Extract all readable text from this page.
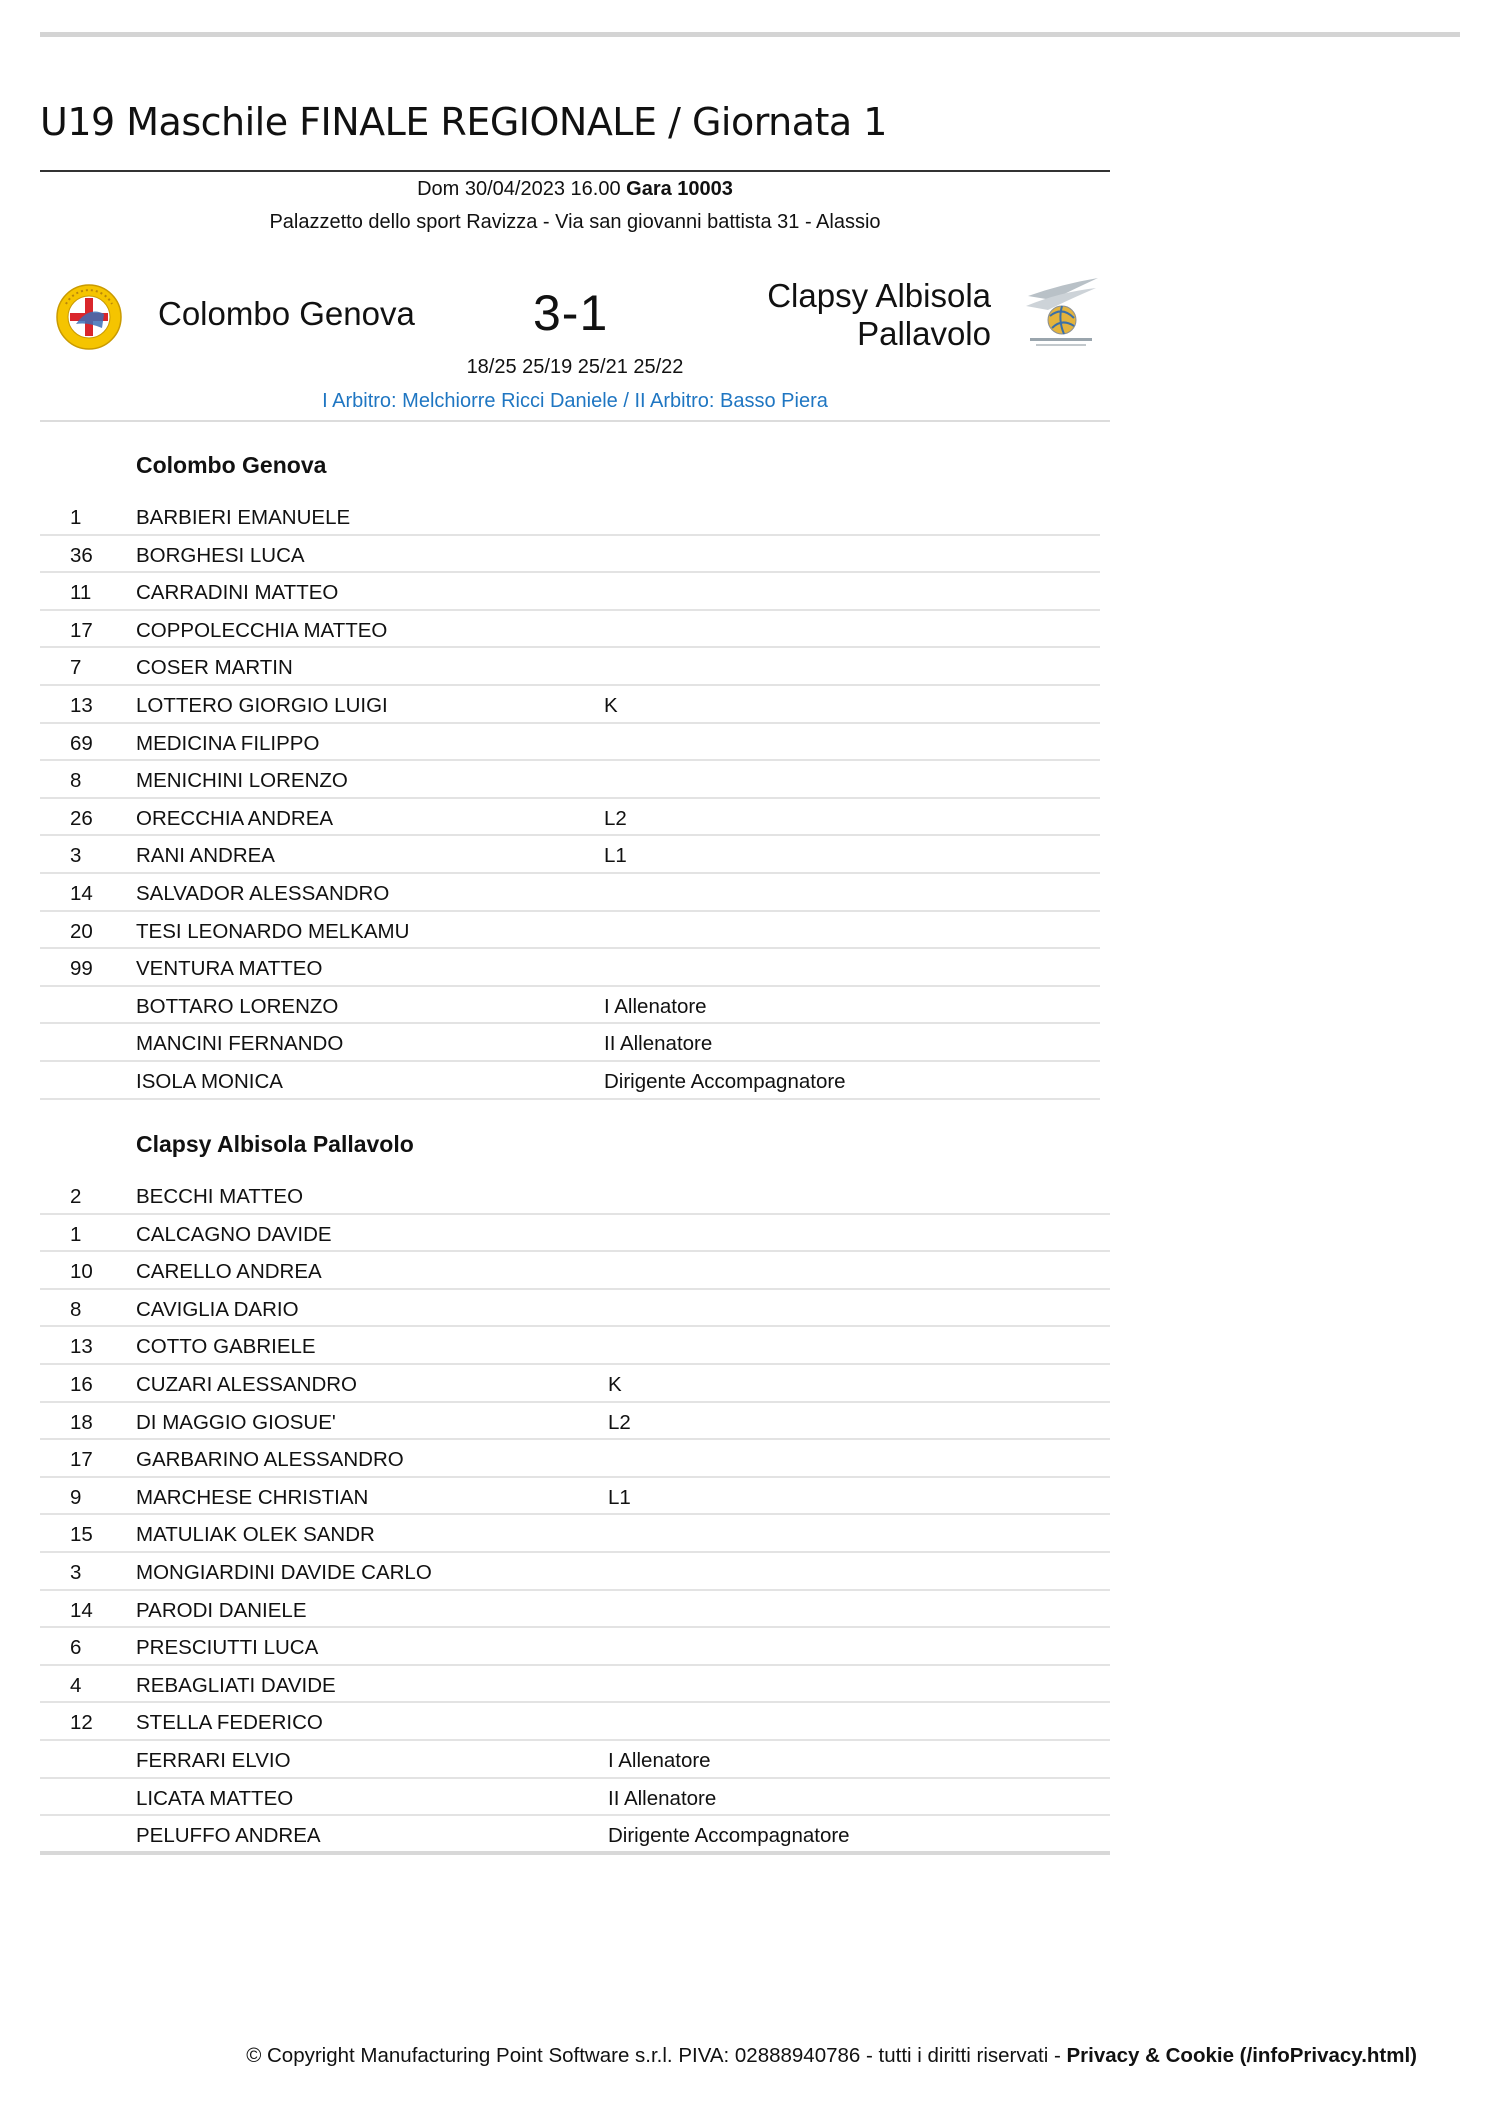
U19 Maschile FINALE REGIONALE / Giornata 1
Dom 30/04/2023 16.00 Gara 10003
Palazzetto dello sport Ravizza - Via san giovanni battista 31 - Alassio
Colombo Genova 3-1	Clapsy Albisola
Pallavolo
18/25 25/19 25/21 25/22
I Arbitro: Melchiorre Ricci Daniele / II Arbitro: Basso Piera
Colombo Genova
1	BARBIERI EMANUELE
36 BORGHESI LUCA
11 CARRADINI MATTEO
17 COPPOLECCHIA MATTEO
7	COSER MARTIN
13 LOTTERO GIORGIO LUIGI	K
69 MEDICINA FILIPPO
8	MENICHINI LORENZO
26 ORECCHIA ANDREA	L2
3	RANI ANDREA	L1
14 SALVADOR ALESSANDRO
20 TESI LEONARDO MELKAMU
99 VENTURA MATTEO
BOTTARO LORENZO	I Allenatore
MANCINI FERNANDO	II Allenatore
ISOLA MONICA	Dirigente Accompagnatore
Clapsy Albisola Pallavolo
2	BECCHI MATTEO
1	CALCAGNO DAVIDE
10 CARELLO ANDREA
8	CAVIGLIA DARIO
13 COTTO GABRIELE
16 CUZARI ALESSANDRO	K
18 DI MAGGIO GIOSUE'	L2
17 GARBARINO ALESSANDRO
9	MARCHESE CHRISTIAN	L1
15 MATULIAK OLEK SANDR
3	MONGIARDINI DAVIDE CARLO
14 PARODI DANIELE
6	PRESCIUTTI LUCA
4	REBAGLIATI DAVIDE
12 STELLA FEDERICO
FERRARI ELVIO	I Allenatore
LICATA MATTEO	II Allenatore
PELUFFO ANDREA	Dirigente Accompagnatore
© Copyright Manufacturing Point Software s.r.l. PIVA: 02888940786 - tutti i diritti riservati - Privacy & Cookie (/infoPrivacy.html)
